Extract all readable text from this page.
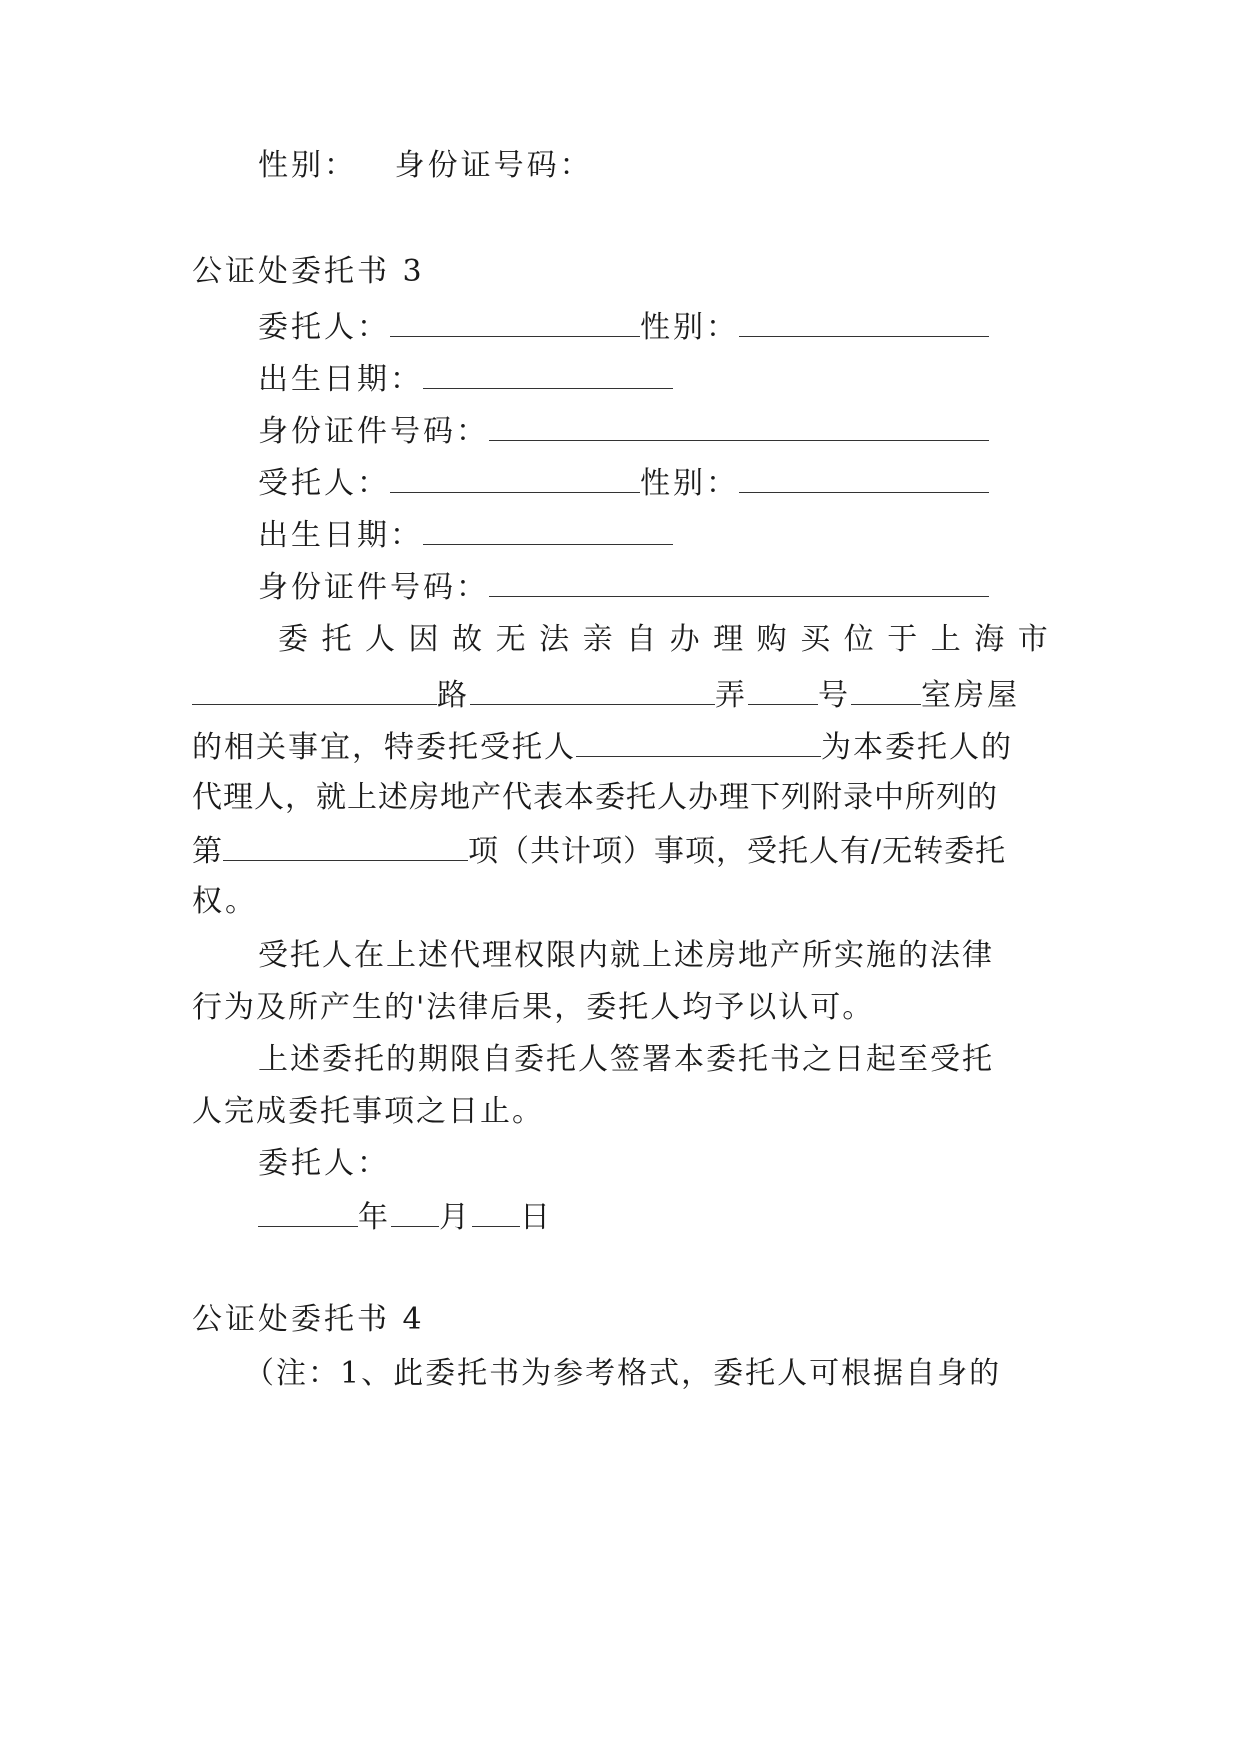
性别： 身份证号码：
公证处委托书 3
委托人：	性别：
出生日期：
身份证件号码：
受托人：	性别：
出生日期：
身份证件号码：
委 托 人 因 故 无 法 亲 自 办 理 购 买 位 于 上 海 市
路	弄 号 室房屋
的相关事宜，特委托受托人	为本委托人的
代理人，就上述房地产代表本委托人办理下列附录中所列的
第	项（共计项）事项，受托人有/无转委托
权。
受托人在上述代理权限内就上述房地产所实施的法律
行为及所产生的'法律后果，委托人均予以认可。
上述委托的期限自委托人签署本委托书之日起至受托
人完成委托事项之日止。
委托人：
年 月 日
公证处委托书 4
（注：1、此委托书为参考格式，委托人可根据自身的
